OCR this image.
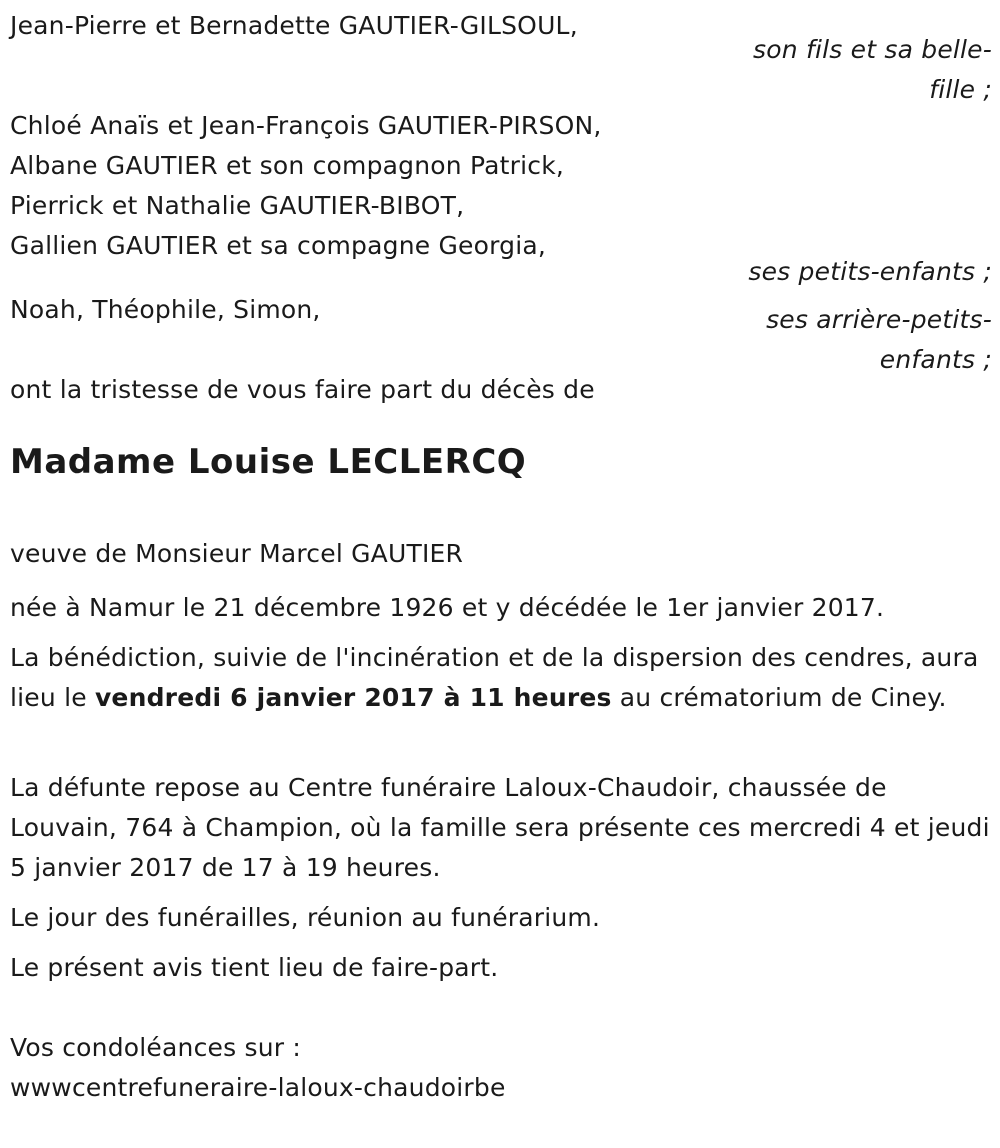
Jean-Pierre et Bernadette GAUTIER-GILSOUL,
son fils et sa belle-fille ;
Chloé Anaïs et Jean-François GAUTIER-PIRSON,
Albane GAUTIER et son compagnon Patrick,
Pierrick et Nathalie GAUTIER-BIBOT,
Gallien GAUTIER et sa compagne Georgia,
ses petits-enfants ;
Noah, Théophile, Simon,	ses arrière-petits-enfants ;
ont la tristesse de vous faire part du décès de
Madame Louise LECLERCQ
veuve de Monsieur Marcel GAUTIER
née à Namur le 21 décembre 1926 et y décédée le 1er janvier 2017.

La bénédiction, suivie de l'incinération et de la dispersion des cendres, aura lieu le vendredi 6 janvier 2017 à 11 heures au crématorium de Ciney.

La défunte repose au Centre funéraire Laloux-Chaudoir, chaussée de Louvain, 764 à Champion, où la famille sera présente ces mercredi 4 et jeudi 5 janvier 2017 de 17 à 19 heures.

Le jour des funérailles, réunion au funérarium.
Le présent avis tient lieu de faire-part.
Vos condoléances sur :
wwwcentrefuneraire-laloux-chaudoirbe
